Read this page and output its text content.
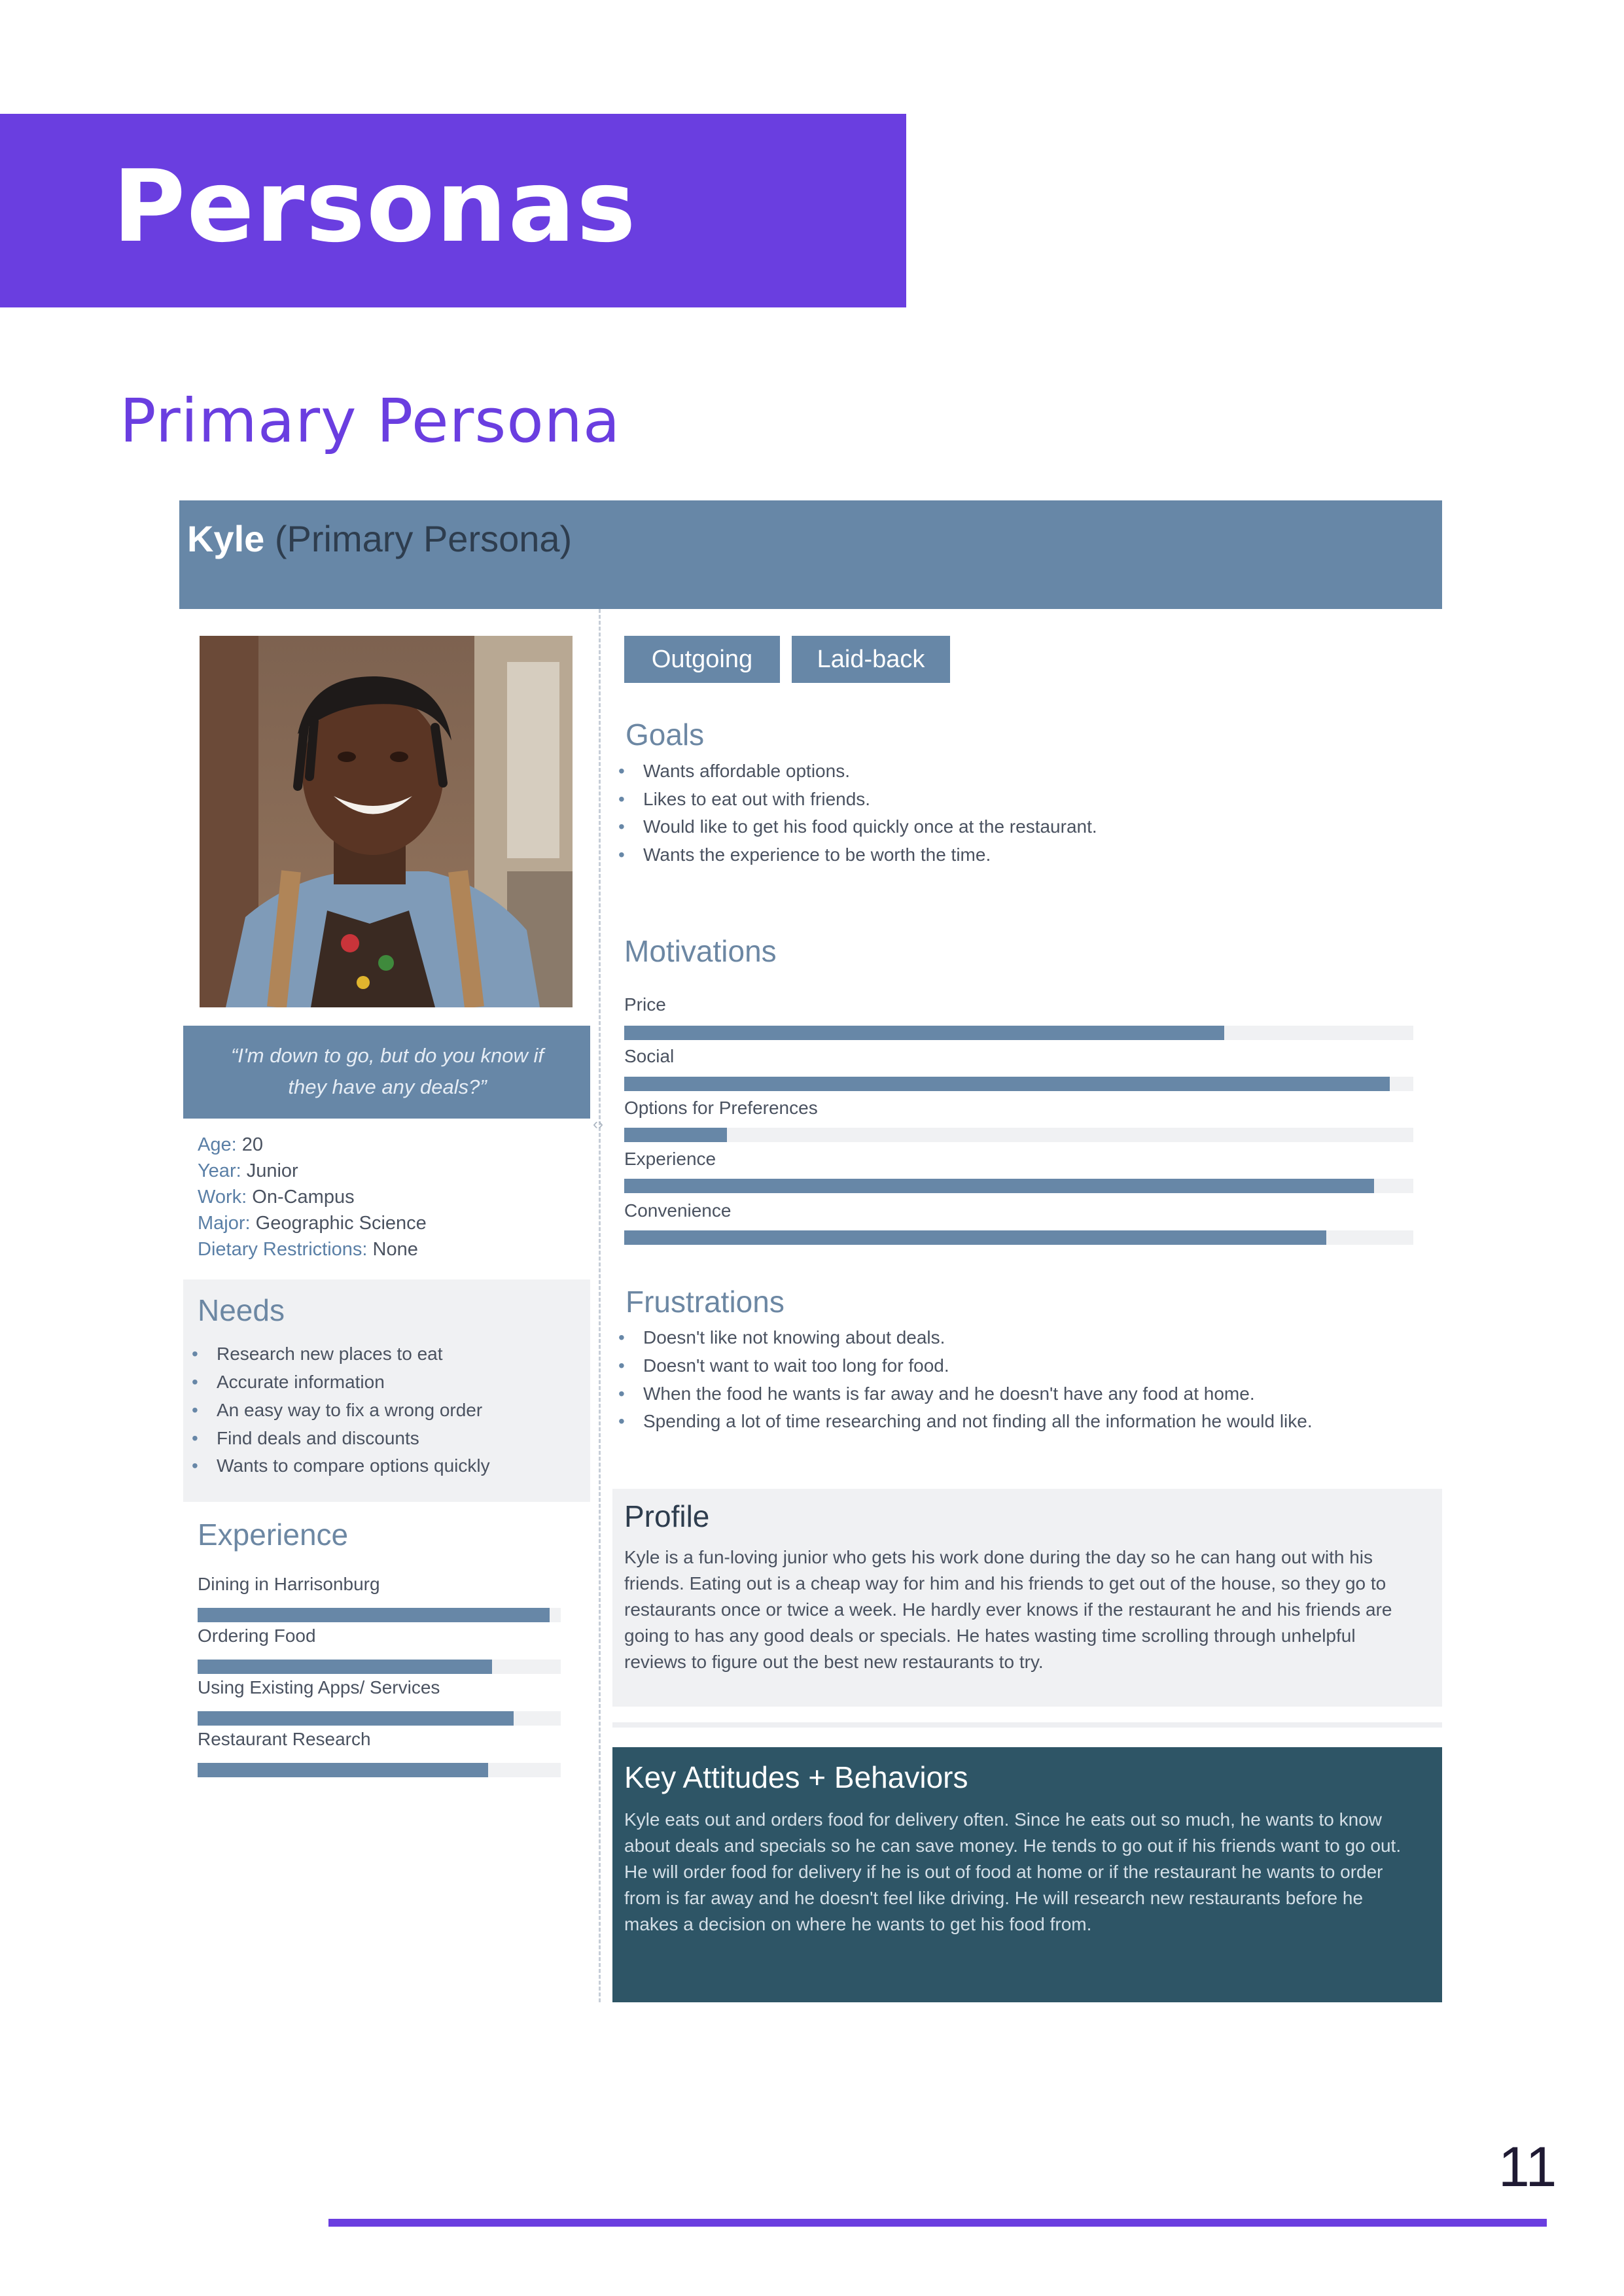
Personas
Primary Persona
Kyle (Primary Persona)
‹›
“I'm down to go, but do you know if they have any deals?”
Age: 20
Year: Junior
Work: On-Campus
Major: Geographic Science
Dietary Restrictions: None
Needs
• Research new places to eat
• Accurate information
• An easy way to fix a wrong order
• Find deals and discounts
• Wants to compare options quickly
Experience
Dining in Harrisonburg
Ordering Food
Using Existing Apps/ Services
Restaurant Research
Outgoing	Laid-back
Goals
• Wants affordable options.
• Likes to eat out with friends.
• Would like to get his food quickly once at the restaurant.
• Wants the experience to be worth the time.
Motivations
Price
Social
Options for Preferences
Experience
Convenience
Frustrations
• Doesn't like not knowing about deals.
• Doesn't want to wait too long for food.
• When the food he wants is far away and he doesn't have any food at home.
• Spending a lot of time researching and not finding all the information he would like.
Profile
Kyle is a fun-loving junior who gets his work done during the day so he can hang out with his friends. Eating out is a cheap way for him and his friends to get out of the house, so they go to restaurants once or twice a week. He hardly ever knows if the restaurant he and his friends are going to has any good deals or specials. He hates wasting time scrolling through unhelpful reviews to figure out the best new restaurants to try.
Key Attitudes + Behaviors
Kyle eats out and orders food for delivery often. Since he eats out so much, he wants to know about deals and specials so he can save money. He tends to go out if his friends want to go out. He will order food for delivery if he is out of food at home or if the restaurant he wants to order from is far away and he doesn't feel like driving. He will research new restaurants before he makes a decision on where he wants to get his food from.
11
